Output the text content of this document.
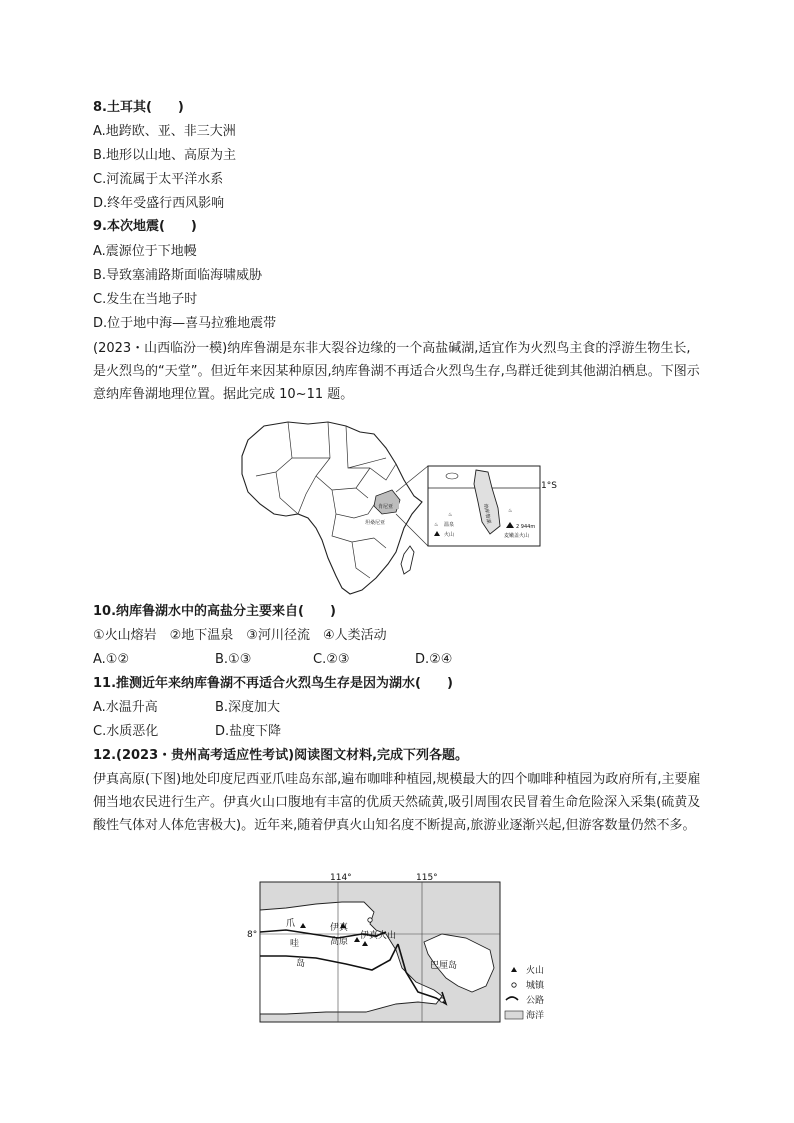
8.土耳其(　　)
A.地跨欧、亚、非三大洲
B.地形以山地、高原为主
C.河流属于太平洋水系
D.终年受盛行西风影响
9.本次地震(　　)
A.震源位于下地幔
B.导致塞浦路斯面临海啸威胁
C.发生在当地子时
D.位于地中海—喜马拉雅地震带
(2023・山西临汾一模)纳库鲁湖是东非大裂谷边缘的一个高盐碱湖,适宜作为火烈鸟主食的浮游生物生长,是火烈鸟的“天堂”。但近年来因某种原因,纳库鲁湖不再适合火烈鸟生存,鸟群迁徙到其他湖泊栖息。下图示意纳库鲁湖地理位置。据此完成 10~11 题。
1°S
纳库鲁湖
♨
♨
肯尼亚
坦桑尼亚	♨ 温泉
火山
2 944m
麦嫩盖火山
10.纳库鲁湖水中的高盐分主要来自(　　)
①火山熔岩　②地下温泉　③河川径流　④人类活动
A.①②	B.①③	C.②③	D.②④
11.推测近年来纳库鲁湖不再适合火烈鸟生存是因为湖水(　　)
A.水温升高	B.深度加大
C.水质恶化	D.盐度下降
12.(2023・贵州高考适应性考试)阅读图文材料,完成下列各题。
伊真高原(下图)地处印度尼西亚爪哇岛东部,遍布咖啡种植园,规模最大的四个咖啡种植园为政府所有,主要雇佣当地农民进行生产。伊真火山口腹地有丰富的优质天然硫黄,吸引周围农民冒着生命危险深入采集(硫黄及酸性气体对人体危害极大)。近年来,随着伊真火山知名度不断提高,旅游业逐渐兴起,但游客数量仍然不多。
114°	115°
8°
爪
哇
岛
伊真
高原
伊真火山
巴厘岛	火山
城镇
公路
海洋
